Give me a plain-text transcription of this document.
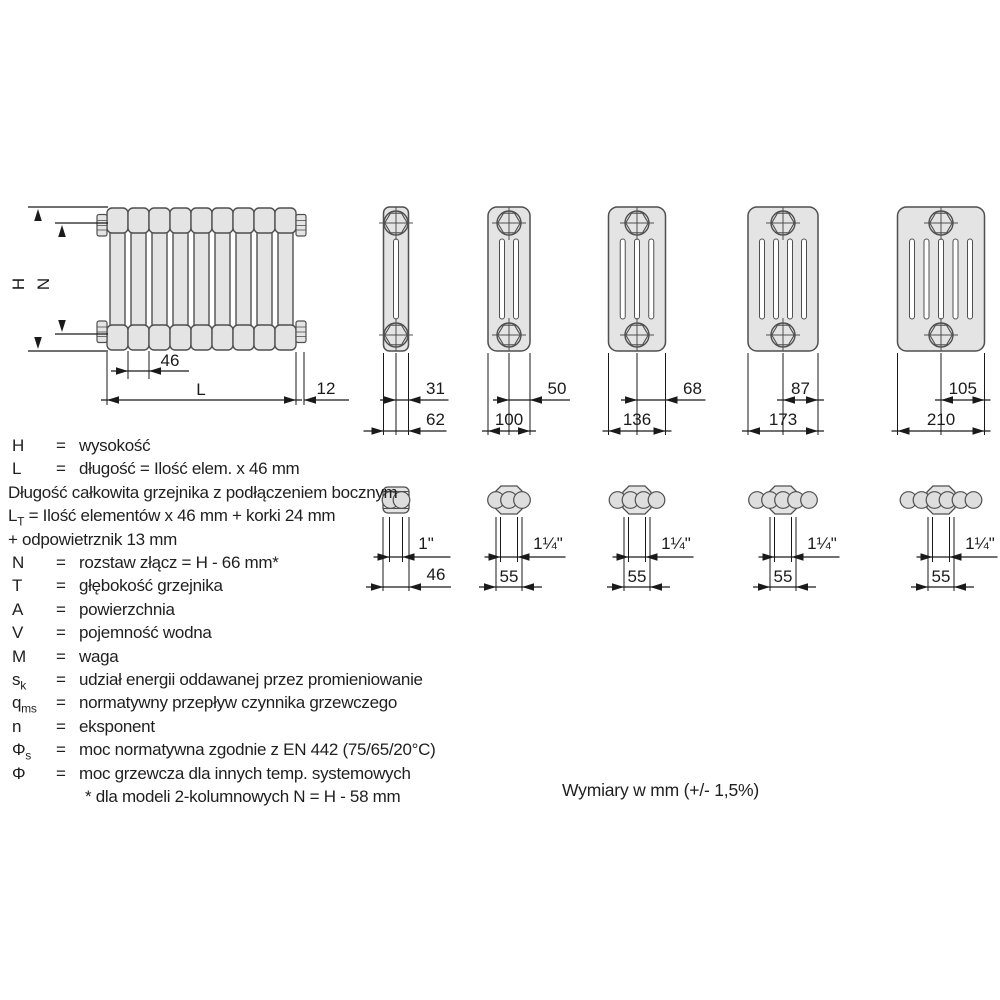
H N
46
L	12	31
62
1"
46
50
100
1¼"
55
68
136
1¼"
55
87
173
1¼"
55
105
210
1¼"
55
H = wysokość
L = długość = Ilość elem. x 46 mm
Długość całkowita grzejnika z podłączeniem bocznym
$L_T$ = Ilość elementów x 46 mm + korki 24 mm
+ odpowietrznik 13 mm
N = rozstaw złącz = H - 66 mm*
T = głębokość grzejnika
A = powierzchnia
V = pojemność wodna
M = waga
$s_k$ = udział energii oddawanej przez promieniowanie
$q_{ms}$ = normatywny przepływ czynnika grzewczego
n = eksponent
$\Phi_s$ = moc normatywna zgodnie z EN 442 (75/65/20°C)
Φ = moc grzewcza dla innych temp. systemowych
* dla modeli 2-kolumnowych N = H - 58 mm	Wymiary w mm (+/- 1,5%)
